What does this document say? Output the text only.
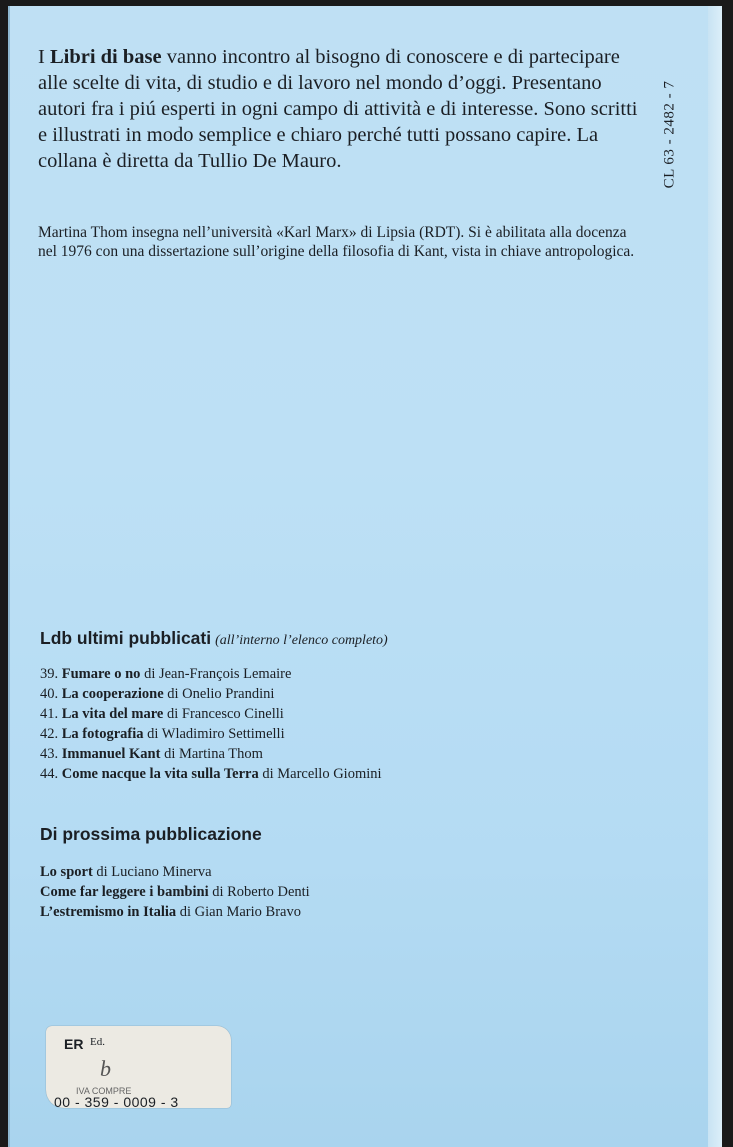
I Libri di base vanno incontro al bisogno di conoscere e di partecipare alle scelte di vita, di studio e di lavoro nel mondo d’oggi. Presentano autori fra i piú esperti in ogni campo di attività e di interesse. Sono scritti e illustrati in modo semplice e chiaro perché tutti possano capire. La collana è diretta da Tullio De Mauro.	CL 63 - 2482 - 7

Martina Thom insegna nell’università «Karl Marx» di Lipsia (RDT). Si è abilitata alla docenza nel 1976 con una dissertazione sull’origine della filosofia di Kant, vista in chiave antropologica.

Ldb ultimi pubblicati (all’interno l’elenco completo)
39. Fumare o no di Jean-François Lemaire
40. La cooperazione di Onelio Prandini
41. La vita del mare di Francesco Cinelli
42. La fotografia di Wladimiro Settimelli
43. Immanuel Kant di Martina Thom
44. Come nacque la vita sulla Terra di Marcello Giomini
Di prossima pubblicazione
Lo sport di Luciano Minerva
Come far leggere i bambini di Roberto Denti
L’estremismo in Italia di Gian Mario Bravo
ER Ed.
b
IVA COMPRE
00 - 359 - 0009 - 3
